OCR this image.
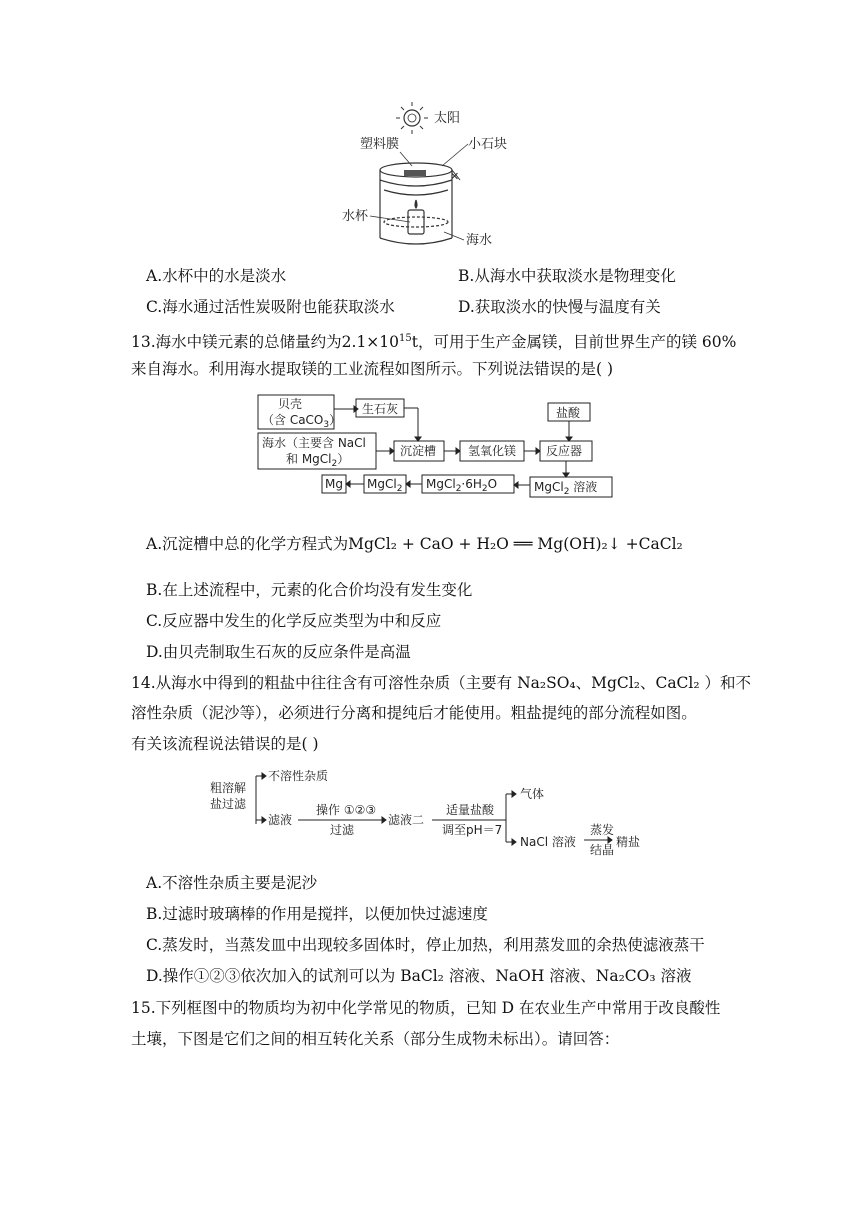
太阳
塑料膜	小石块
✕
水杯
海水
A.水杯中的水是淡水	B.从海水中获取淡水是物理变化
C.海水通过活性炭吸附也能获取淡水	D.获取淡水的快慢与温度有关
13.海水中镁元素的总储量约为$2.1\times 10^{15}t$，可用于生产金属镁，目前世界生产的镁 60%
来自海水。利用海水提取镁的工业流程如图所示。下列说法错误的是( )
贝壳
（含 CaCO$_3$）
生石灰	盐酸
海水（主要含 NaCl
和 MgCl$_2$）
沉淀槽	氢氧化镁 反应器
Mg MgCl$_2$ $MgCl_2\cdot 6H_2O$	MgCl$_2$ 溶液
A.沉淀槽中总的化学方程式为MgCl₂ + CaO + H₂O ══ Mg(OH)₂↓ +CaCl₂
B.在上述流程中，元素的化合价均没有发生变化
C.反应器中发生的化学反应类型为中和反应
D.由贝壳制取生石灰的反应条件是高温
14.从海水中得到的粗盐中往往含有可溶性杂质（主要有 Na₂SO₄、MgCl₂、CaCl₂ ）和不
溶性杂质（泥沙等），必须进行分离和提纯后才能使用。粗盐提纯的部分流程如图。
有关该流程说法错误的是( )
粗溶解
盐过滤
不溶性杂质
滤液
操作 ①②③
过滤
滤液二
适量盐酸
调至pH＝7
气体
NaCl 溶液
蒸发
结晶
精盐
A.不溶性杂质主要是泥沙
B.过滤时玻璃棒的作用是搅拌，以便加快过滤速度
C.蒸发时，当蒸发皿中出现较多固体时，停止加热，利用蒸发皿的余热使滤液蒸干
D.操作①②③依次加入的试剂可以为 BaCl₂ 溶液、NaOH 溶液、Na₂CO₃ 溶液
15.下列框图中的物质均为初中化学常见的物质，已知 D 在农业生产中常用于改良酸性
土壤，下图是它们之间的相互转化关系（部分生成物未标出）。请回答：
